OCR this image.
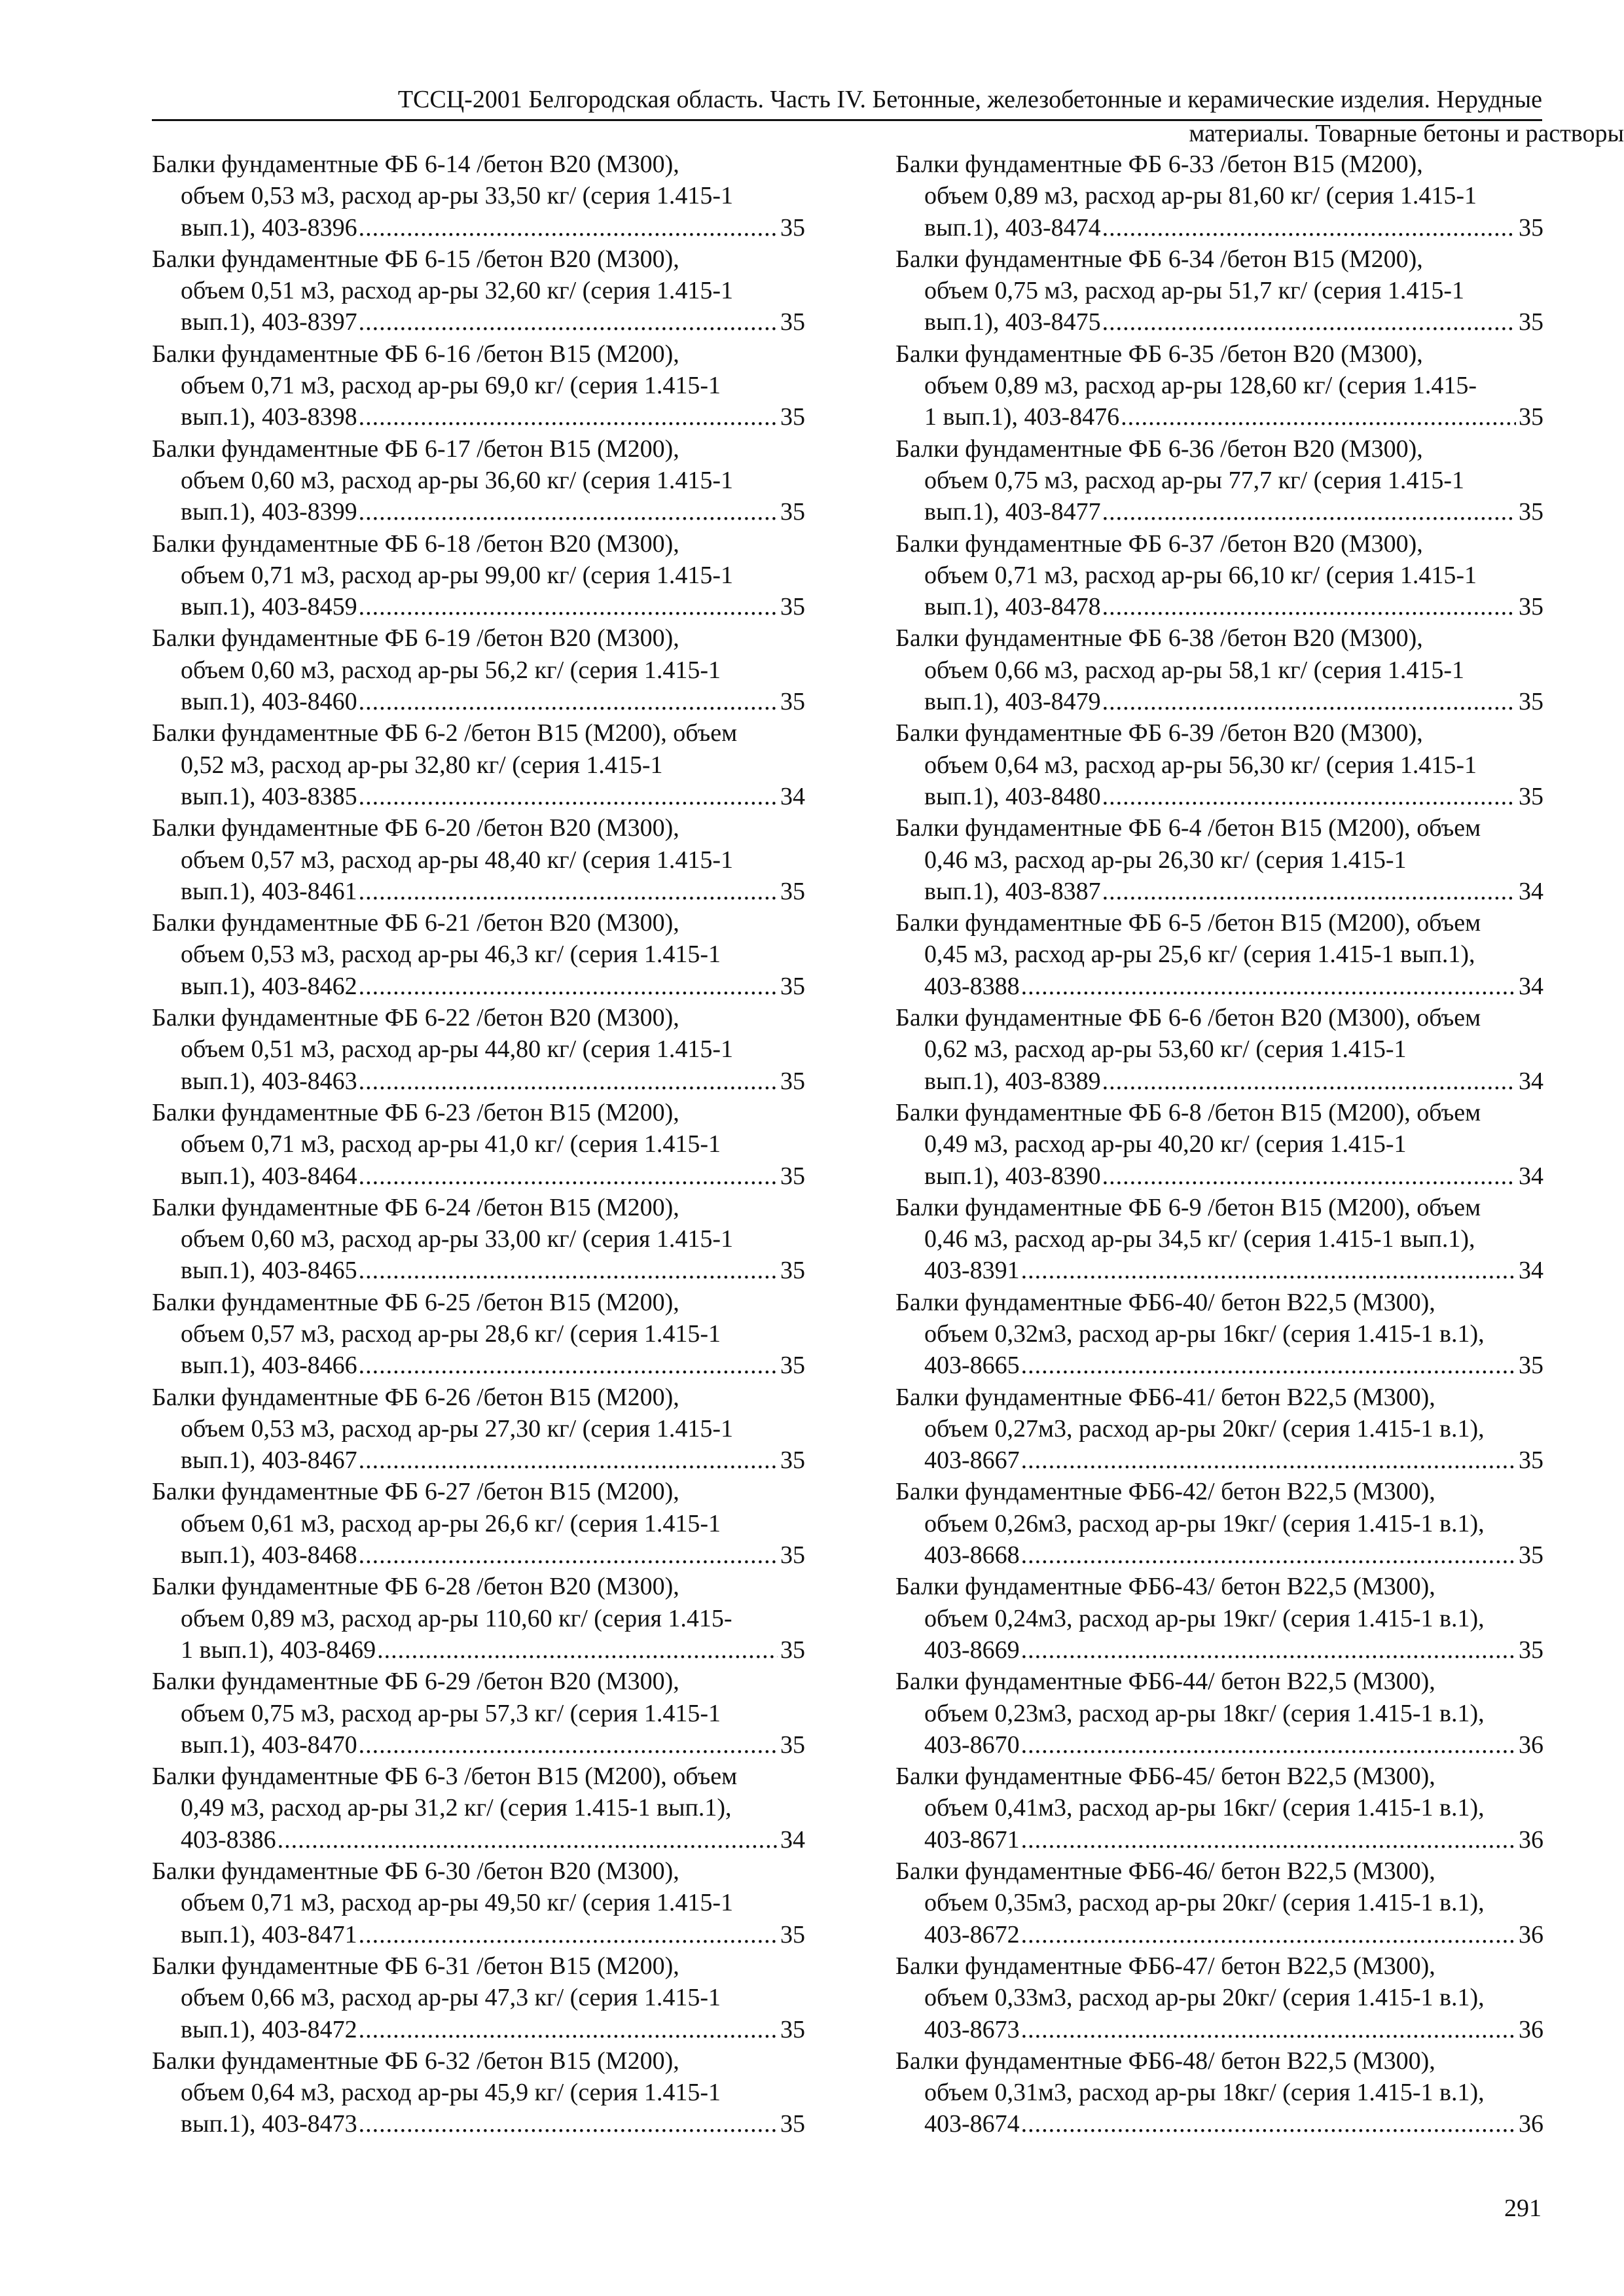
ТССЦ-2001 Белгородская область. Часть IV. Бетонные, железобетонные и керамические изделия. Нерудные
материалы. Товарные бетоны и растворы
Балки фундаментные ФБ 6-14 /бетон В20 (М300),
объем 0,53 м3, расход ар-ры 33,50 кг/ (серия 1.415-1
вып.1), 403-8396 .....	35
Балки фундаментные ФБ 6-15 /бетон В20 (М300),
объем 0,51 м3, расход ар-ры 32,60 кг/ (серия 1.415-1
вып.1), 403-8397 .....	35
Балки фундаментные ФБ 6-16 /бетон В15 (М200),
объем 0,71 м3, расход ар-ры 69,0 кг/ (серия 1.415-1
вып.1), 403-8398 .....	35
Балки фундаментные ФБ 6-17 /бетон В15 (М200),
объем 0,60 м3, расход ар-ры 36,60 кг/ (серия 1.415-1
вып.1), 403-8399 .....	35
Балки фундаментные ФБ 6-18 /бетон В20 (М300),
объем 0,71 м3, расход ар-ры 99,00 кг/ (серия 1.415-1
вып.1), 403-8459 .....	35
Балки фундаментные ФБ 6-19 /бетон В20 (М300),
объем 0,60 м3, расход ар-ры 56,2 кг/ (серия 1.415-1
вып.1), 403-8460 .....	35
Балки фундаментные ФБ 6-2 /бетон В15 (М200), объем
0,52 м3, расход ар-ры 32,80 кг/ (серия 1.415-1
вып.1), 403-8385 .....	34
Балки фундаментные ФБ 6-20 /бетон В20 (М300),
объем 0,57 м3, расход ар-ры 48,40 кг/ (серия 1.415-1
вып.1), 403-8461 .....	35
Балки фундаментные ФБ 6-21 /бетон В20 (М300),
объем 0,53 м3, расход ар-ры 46,3 кг/ (серия 1.415-1
вып.1), 403-8462 .....	35
Балки фундаментные ФБ 6-22 /бетон В20 (М300),
объем 0,51 м3, расход ар-ры 44,80 кг/ (серия 1.415-1
вып.1), 403-8463 .....	35
Балки фундаментные ФБ 6-23 /бетон В15 (М200),
объем 0,71 м3, расход ар-ры 41,0 кг/ (серия 1.415-1
вып.1), 403-8464 .....	35
Балки фундаментные ФБ 6-24 /бетон В15 (М200),
объем 0,60 м3, расход ар-ры 33,00 кг/ (серия 1.415-1
вып.1), 403-8465 .....	35
Балки фундаментные ФБ 6-25 /бетон В15 (М200),
объем 0,57 м3, расход ар-ры 28,6 кг/ (серия 1.415-1
вып.1), 403-8466 .....	35
Балки фундаментные ФБ 6-26 /бетон В15 (М200),
объем 0,53 м3, расход ар-ры 27,30 кг/ (серия 1.415-1
вып.1), 403-8467 .....	35
Балки фундаментные ФБ 6-27 /бетон В15 (М200),
объем 0,61 м3, расход ар-ры 26,6 кг/ (серия 1.415-1
вып.1), 403-8468 .....	35
Балки фундаментные ФБ 6-28 /бетон В20 (М300),
объем 0,89 м3, расход ар-ры 110,60 кг/ (серия 1.415-
1 вып.1), 403-8469 .....	35
Балки фундаментные ФБ 6-29 /бетон В20 (М300),
объем 0,75 м3, расход ар-ры 57,3 кг/ (серия 1.415-1
вып.1), 403-8470 .....	35
Балки фундаментные ФБ 6-3 /бетон В15 (М200), объем
0,49 м3, расход ар-ры 31,2 кг/ (серия 1.415-1 вып.1),
403-8386 .....	34
Балки фундаментные ФБ 6-30 /бетон В20 (М300),
объем 0,71 м3, расход ар-ры 49,50 кг/ (серия 1.415-1
вып.1), 403-8471 .....	35
Балки фундаментные ФБ 6-31 /бетон В15 (М200),
объем 0,66 м3, расход ар-ры 47,3 кг/ (серия 1.415-1
вып.1), 403-8472 .....	35
Балки фундаментные ФБ 6-32 /бетон В15 (М200),
объем 0,64 м3, расход ар-ры 45,9 кг/ (серия 1.415-1
вып.1), 403-8473 .....	35
Балки фундаментные ФБ 6-33 /бетон В15 (М200),
объем 0,89 м3, расход ар-ры 81,60 кг/ (серия 1.415-1
вып.1), 403-8474 .....	35
Балки фундаментные ФБ 6-34 /бетон В15 (М200),
объем 0,75 м3, расход ар-ры 51,7 кг/ (серия 1.415-1
вып.1), 403-8475 .....	35
Балки фундаментные ФБ 6-35 /бетон В20 (М300),
объем 0,89 м3, расход ар-ры 128,60 кг/ (серия 1.415-
1 вып.1), 403-8476 .....	35
Балки фундаментные ФБ 6-36 /бетон В20 (М300),
объем 0,75 м3, расход ар-ры 77,7 кг/ (серия 1.415-1
вып.1), 403-8477 .....	35
Балки фундаментные ФБ 6-37 /бетон В20 (М300),
объем 0,71 м3, расход ар-ры 66,10 кг/ (серия 1.415-1
вып.1), 403-8478 .....	35
Балки фундаментные ФБ 6-38 /бетон В20 (М300),
объем 0,66 м3, расход ар-ры 58,1 кг/ (серия 1.415-1
вып.1), 403-8479 .....	35
Балки фундаментные ФБ 6-39 /бетон В20 (М300),
объем 0,64 м3, расход ар-ры 56,30 кг/ (серия 1.415-1
вып.1), 403-8480 .....	35
Балки фундаментные ФБ 6-4 /бетон В15 (М200), объем
0,46 м3, расход ар-ры 26,30 кг/ (серия 1.415-1
вып.1), 403-8387 .....	34
Балки фундаментные ФБ 6-5 /бетон В15 (М200), объем
0,45 м3, расход ар-ры 25,6 кг/ (серия 1.415-1 вып.1),
403-8388 .....	34
Балки фундаментные ФБ 6-6 /бетон В20 (М300), объем
0,62 м3, расход ар-ры 53,60 кг/ (серия 1.415-1
вып.1), 403-8389 .....	34
Балки фундаментные ФБ 6-8 /бетон В15 (М200), объем
0,49 м3, расход ар-ры 40,20 кг/ (серия 1.415-1
вып.1), 403-8390 .....	34
Балки фундаментные ФБ 6-9 /бетон В15 (М200), объем
0,46 м3, расход ар-ры 34,5 кг/ (серия 1.415-1 вып.1),
403-8391 .....	34
Балки фундаментные ФБ6-40/ бетон В22,5 (М300),
объем 0,32м3, расход ар-ры 16кг/ (серия 1.415-1 в.1),
403-8665 .....	35
Балки фундаментные ФБ6-41/ бетон В22,5 (М300),
объем 0,27м3, расход ар-ры 20кг/ (серия 1.415-1 в.1),
403-8667 .....	35
Балки фундаментные ФБ6-42/ бетон В22,5 (М300),
объем 0,26м3, расход ар-ры 19кг/ (серия 1.415-1 в.1),
403-8668 .....	35
Балки фундаментные ФБ6-43/ бетон В22,5 (М300),
объем 0,24м3, расход ар-ры 19кг/ (серия 1.415-1 в.1),
403-8669 .....	35
Балки фундаментные ФБ6-44/ бетон В22,5 (М300),
объем 0,23м3, расход ар-ры 18кг/ (серия 1.415-1 в.1),
403-8670 .....	36
Балки фундаментные ФБ6-45/ бетон В22,5 (М300),
объем 0,41м3, расход ар-ры 16кг/ (серия 1.415-1 в.1),
403-8671 .....	36
Балки фундаментные ФБ6-46/ бетон В22,5 (М300),
объем 0,35м3, расход ар-ры 20кг/ (серия 1.415-1 в.1),
403-8672 .....	36
Балки фундаментные ФБ6-47/ бетон В22,5 (М300),
объем 0,33м3, расход ар-ры 20кг/ (серия 1.415-1 в.1),
403-8673 .....	36
Балки фундаментные ФБ6-48/ бетон В22,5 (М300),
объем 0,31м3, расход ар-ры 18кг/ (серия 1.415-1 в.1),
403-8674 .....	36
291
